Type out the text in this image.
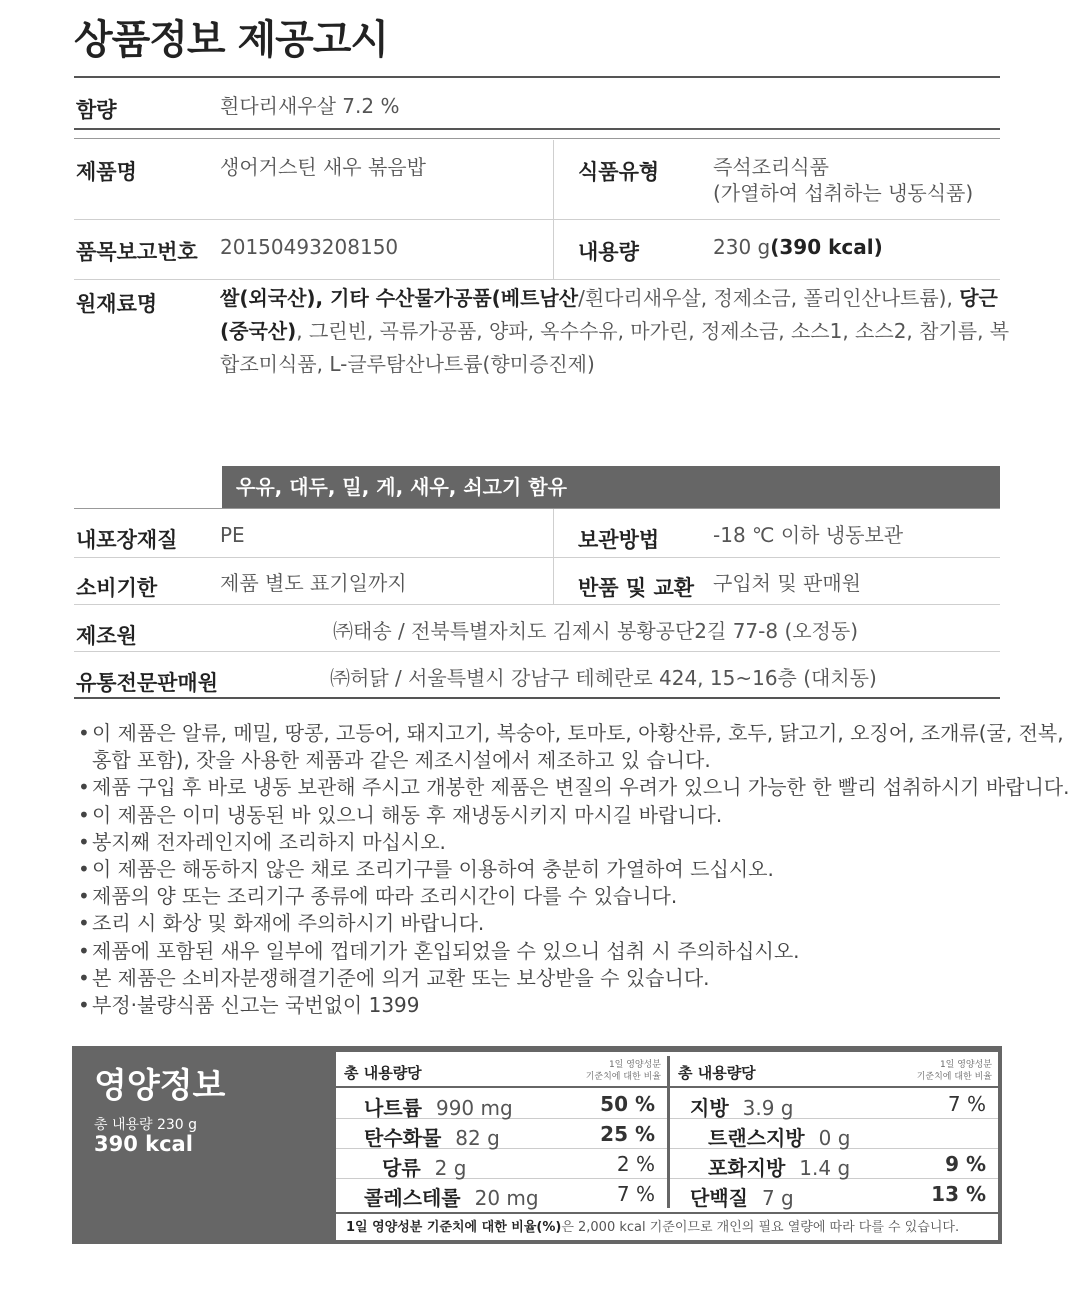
상품정보 제공고시
함량	흰다리새우살 7.2 %
제품명	생어거스틴 새우 볶음밥	식품유형	즉석조리식품
(가열하여 섭취하는 냉동식품)
품목보고번호 20150493208150	내용량	230 g(390 kcal)
원재료명	쌀(외국산), 기타 수산물가공품(베트남산/흰다리새우살, 정제소금, 폴리인산나트륨), 당근(중국산), 그린빈, 곡류가공품, 양파, 옥수수유, 마가린, 정제소금, 소스1, 소스2, 참기름, 복합조미식품, L-글루탐산나트륨(향미증진제)
우유, 대두, 밀, 게, 새우, 쇠고기 함유
내포장재질 PE	보관방법	-18 ℃ 이하 냉동보관
소비기한	제품 별도 표기일까지	반품 및 교환 구입처 및 판매원
제조원	㈜태송 / 전북특별자치도 김제시 봉황공단2길 77-8 (오정동)
유통전문판매원	㈜허닭 / 서울특별시 강남구 테헤란로 424, 15~16층 (대치동)
• 이 제품은 알류, 메밀, 땅콩, 고등어, 돼지고기, 복숭아, 토마토, 아황산류, 호두, 닭고기, 오징어, 조개류(굴, 전복,
홍합 포함), 잣을 사용한 제품과 같은 제조시설에서 제조하고 있 습니다.
• 제품 구입 후 바로 냉동 보관해 주시고 개봉한 제품은 변질의 우려가 있으니 가능한 한 빨리 섭취하시기 바랍니다.
• 이 제품은 이미 냉동된 바 있으니 해동 후 재냉동시키지 마시길 바랍니다.
• 봉지째 전자레인지에 조리하지 마십시오.
• 이 제품은 해동하지 않은 채로 조리기구를 이용하여 충분히 가열하여 드십시오.
• 제품의 양 또는 조리기구 종류에 따라 조리시간이 다를 수 있습니다.
• 조리 시 화상 및 화재에 주의하시기 바랍니다.
• 제품에 포함된 새우 일부에 껍데기가 혼입되었을 수 있으니 섭취 시 주의하십시오.
• 본 제품은 소비자분쟁해결기준에 의거 교환 또는 보상받을 수 있습니다.
• 부정·불량식품 신고는 국번없이 1399
영양정보
총 내용량 230 g
390 kcal
총 내용량당	1일 영양성분
기준치에 대한 비율
나트륨 990 mg	50 %
탄수화물 82 g	25 %
당류 2 g	2 %
콜레스테롤 20 mg	7 %
총 내용량당	1일 영양성분
기준치에 대한 비율
지방 3.9 g	7 %
트랜스지방 0 g
포화지방 1.4 g	9 %
단백질 7 g	13 %
1일 영양성분 기준치에 대한 비율(%)은 2,000 kcal 기준이므로 개인의 필요 열량에 따라 다를 수 있습니다.
